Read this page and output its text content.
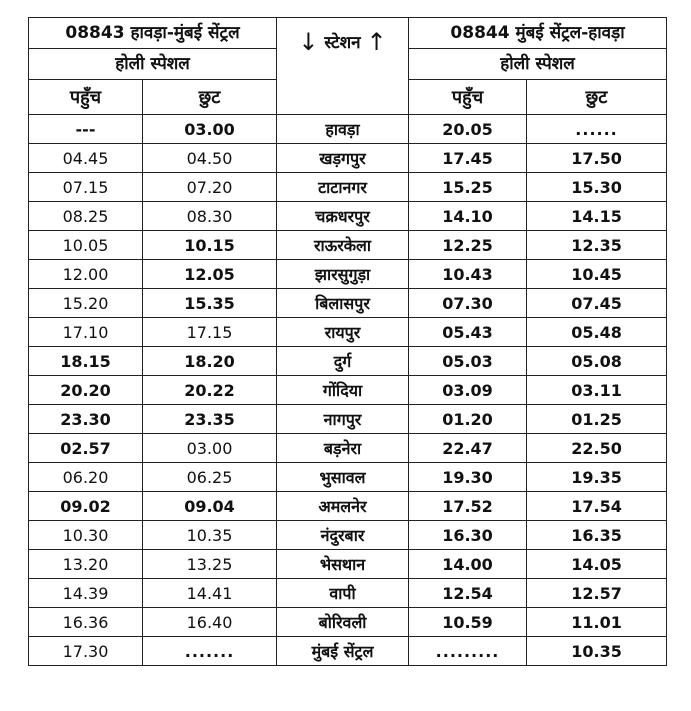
08843 हावड़ा-मुंबई सेंट्रल		↓ स्टेशन ↑	08844 मुंबई सेंट्रल-हावड़ा	
होली स्पेशल			होली स्पेशल	
पहुँच	छुट		पहुँच	छुट
---	03.00	हावड़ा	20.05	......
04.45	04.50	खड़गपुर	17.45	17.50
07.15	07.20	टाटानगर	15.25	15.30
08.25	08.30	चक्रधरपुर	14.10	14.15
10.05	10.15	राऊरकेला	12.25	12.35
12.00	12.05	झारसुगुड़ा	10.43	10.45
15.20	15.35	बिलासपुर	07.30	07.45
17.10	17.15	रायपुर	05.43	05.48
18.15	18.20	दुर्ग	05.03	05.08
20.20	20.22	गोंदिया	03.09	03.11
23.30	23.35	नागपुर	01.20	01.25
02.57	03.00	बड़नेरा	22.47	22.50
06.20	06.25	भुसावल	19.30	19.35
09.02	09.04	अमलनेर	17.52	17.54
10.30	10.35	नंदुरबार	16.30	16.35
13.20	13.25	भेसथान	14.00	14.05
14.39	14.41	वापी	12.54	12.57
16.36	16.40	बोरिवली	10.59	11.01
17.30	.......	मुंबई सेंट्रल	.........	10.35
